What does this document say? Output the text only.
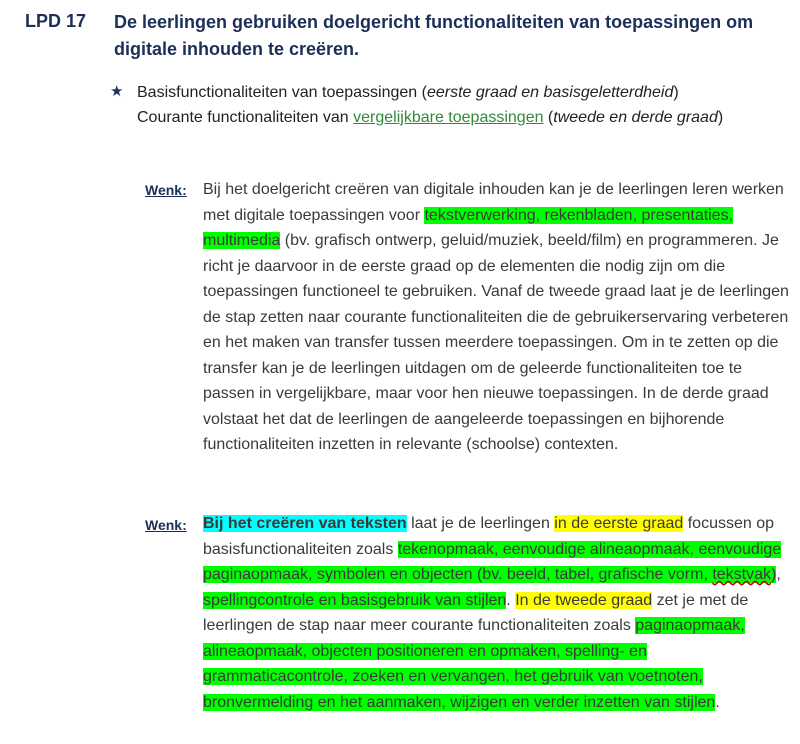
LPD 17 De leerlingen gebruiken doelgericht functionaliteiten van toepassingen om digitale inhouden te creëren.
★ Basisfunctionaliteiten van toepassingen (eerste graad en basisgeletterdheid)
Courante functionaliteiten van vergelijkbare toepassingen (tweede en derde graad)
Wenk: Bij het doelgericht creëren van digitale inhouden kan je de leerlingen leren werken met digitale toepassingen voor tekstverwerking, rekenbladen, presentaties, multimedia (bv. grafisch ontwerp, geluid/muziek, beeld/film) en programmeren. Je richt je daarvoor in de eerste graad op de elementen die nodig zijn om die toepassingen functioneel te gebruiken. Vanaf de tweede graad laat je de leerlingen de stap zetten naar courante functionaliteiten die de gebruikerservaring verbeteren en het maken van transfer tussen meerdere toepassingen. Om in te zetten op die transfer kan je de leerlingen uitdagen om de geleerde functionaliteiten toe te passen in vergelijkbare, maar voor hen nieuwe toepassingen. In de derde graad volstaat het dat de leerlingen de aangeleerde toepassingen en bijhorende functionaliteiten inzetten in relevante (schoolse) contexten.
Wenk: Bij het creëren van teksten laat je de leerlingen in de eerste graad focussen op basisfunctionaliteiten zoals tekenopmaak, eenvoudige alineaopmaak, eenvoudige paginaopmaak, symbolen en objecten (bv. beeld, tabel, grafische vorm, tekstvak), spellingcontrole en basisgebruik van stijlen. In de tweede graad zet je met de leerlingen de stap naar meer courante functionaliteiten zoals paginaopmaak, alineaopmaak, objecten positioneren en opmaken, spelling- en grammaticacontrole, zoeken en vervangen, het gebruik van voetnoten, bronvermelding en het aanmaken, wijzigen en verder inzetten van stijlen.
